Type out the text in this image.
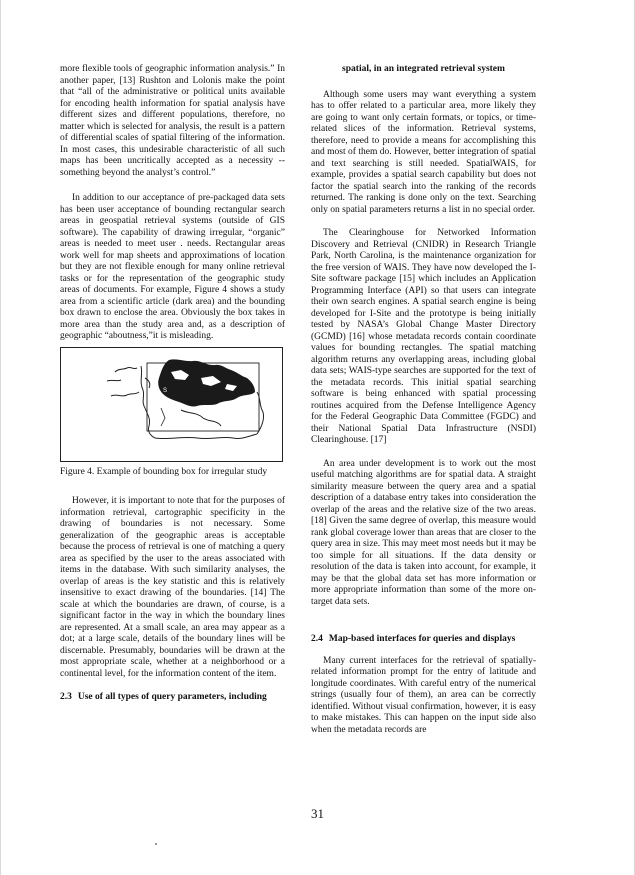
more flexible tools of geographic information analysis.” In another paper, [13] Rushton and Lolonis make the point that “all of the administrative or political units available for encoding health information for spatial analysis have different sizes and different populations, therefore, no matter which is selected for analysis, the result is a pattern of differential scales of spatial filtering of the information. In most cases, this undesirable characteristic of all such maps has been uncritically accepted as a necessity -- something beyond the analyst’s control.”

In addition to our acceptance of pre-packaged data sets has been user acceptance of bounding rectangular search areas in geospatial retrieval systems (outside of GIS software). The capability of drawing irregular, “organic” areas is needed to meet user . needs. Rectangular areas work well for map sheets and approximations of location but they are not flexible enough for many online retrieval tasks or for the representation of the geographic study areas of documents. For example, Figure 4 shows a study area from a scientific article (dark area) and the bounding box drawn to enclose the area. Obviously the box takes in more area than the study area and, as a description of geographic “aboutness,”it is misleading.

S

Figure 4. Example of bounding box for irregular study

However, it is important to note that for the purposes of information retrieval, cartographic specificity in the drawing of boundaries is not necessary. Some generalization of the geographic areas is acceptable because the process of retrieval is one of matching a query area as specified by the user to the areas associated with items in the database. With such similarity analyses, the overlap of areas is the key statistic and this is relatively insensitive to exact drawing of the boundaries. [14] The scale at which the boundaries are drawn, of course, is a significant factor in the way in which the boundary lines are represented. At a small scale, an area may appear as a dot; at a large scale, details of the boundary lines will be discernable. Presumably, boundaries will be drawn at the most appropriate scale, whether at a neighborhood or a continental level, for the information content of the item.

2.3 Use of all types of query parameters, including

spatial, in an integrated retrieval system

Although some users may want everything a system has to offer related to a particular area, more likely they are going to want only certain formats, or topics, or time-related slices of the information. Retrieval systems, therefore, need to provide a means for accomplishing this and most of them do. However, better integration of spatial and text searching is still needed. SpatialWAIS, for example, provides a spatial search capability but does not factor the spatial search into the ranking of the records returned. The ranking is done only on the text. Searching only on spatial parameters returns a list in no special order.

The Clearinghouse for Networked Information Discovery and Retrieval (CNIDR) in Research Triangle Park, North Carolina, is the maintenance organization for the free version of WAIS. They have now developed the I-Site software package [15] which includes an Application Programming Interface (API) so that users can integrate their own search engines. A spatial search engine is being developed for I-Site and the prototype is being initially tested by NASA’s Global Change Master Directory (GCMD) [16] whose metadata records contain coordinate values for bounding rectangles. The spatial matching algorithm returns any overlapping areas, including global data sets; WAIS-type searches are supported for the text of the metadata records. This initial spatial searching software is being enhanced with spatial processing routines acquired from the Defense Intelligence Agency for the Federal Geographic Data Committee (FGDC) and their National Spatial Data Infrastructure (NSDI) Clearinghouse. [17]

An area under development is to work out the most useful matching algorithms are for spatial data. A straight similarity measure between the query area and a spatial description of a database entry takes into consideration the overlap of the areas and the relative size of the two areas. [18] Given the same degree of overlap, this measure would rank global coverage lower than areas that are closer to the query area in size. This may meet most needs but it may be too simple for all situations. If the data density or resolution of the data is taken into account, for example, it may be that the global data set has more information or more appropriate information than some of the more on-target data sets.

2.4 Map-based interfaces for queries and displays

Many current interfaces for the retrieval of spatially-related information prompt for the entry of latitude and longitude coordinates. With careful entry of the numerical strings (usually four of them), an area can be correctly identified. Without visual confirmation, however, it is easy to make mistakes. This can happen on the input side also when the metadata records are

31
